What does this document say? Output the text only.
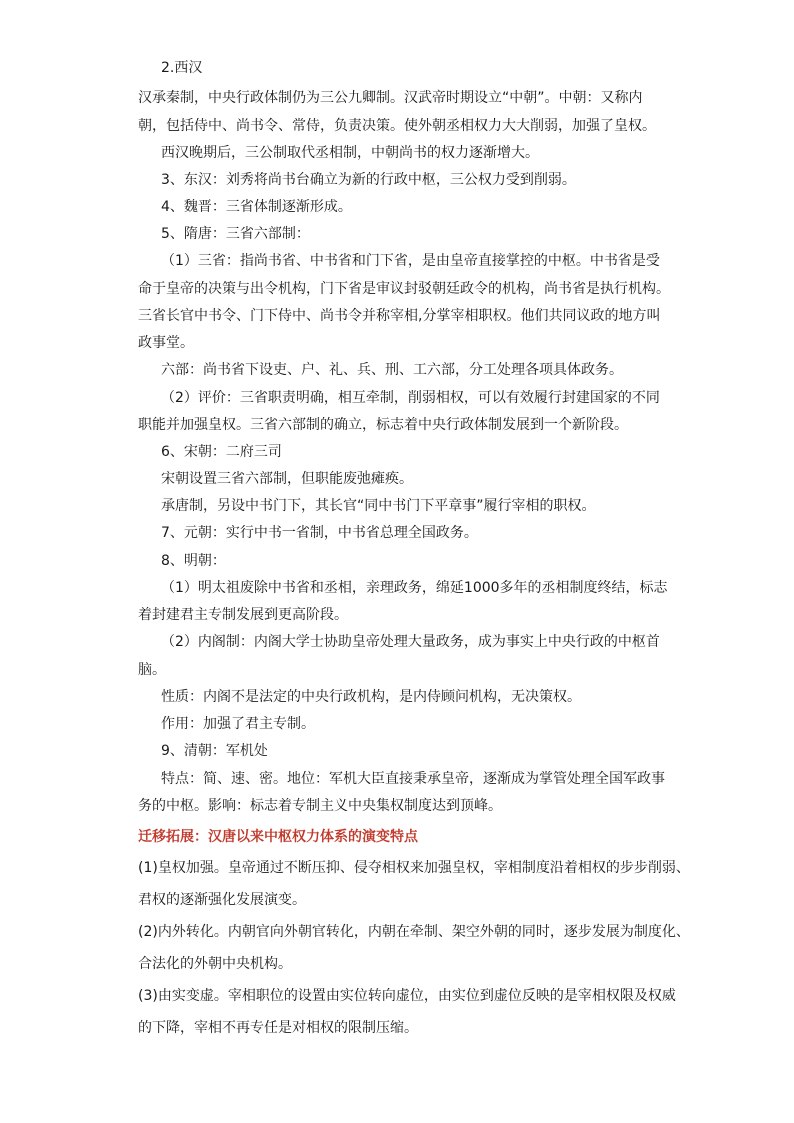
2.西汉
汉承秦制，中央行政体制仍为三公九卿制。汉武帝时期设立“中朝”。中朝：又称内
朝，包括侍中、尚书令、常侍，负责决策。使外朝丞相权力大大削弱，加强了皇权。
西汉晚期后，三公制取代丞相制，中朝尚书的权力逐渐增大。
3、东汉：刘秀将尚书台确立为新的行政中枢，三公权力受到削弱。
4、魏晋：三省体制逐渐形成。
5、隋唐：三省六部制：
（1）三省：指尚书省、中书省和门下省，是由皇帝直接掌控的中枢。中书省是受
命于皇帝的决策与出令机构，门下省是审议封驳朝廷政令的机构，尚书省是执行机构。
三省长官中书令、门下侍中、尚书令并称宰相,分掌宰相职权。他们共同议政的地方叫
政事堂。
六部：尚书省下设吏、户、礼、兵、刑、工六部，分工处理各项具体政务。
（2）评价：三省职责明确，相互牵制，削弱相权，可以有效履行封建国家的不同
职能并加强皇权。三省六部制的确立，标志着中央行政体制发展到一个新阶段。
6、宋朝：二府三司
宋朝设置三省六部制，但职能废弛瘫痪。
承唐制，另设中书门下，其长官“同中书门下平章事”履行宰相的职权。
7、元朝：实行中书一省制，中书省总理全国政务。
8、明朝：
（1）明太祖废除中书省和丞相，亲理政务，绵延1000多年的丞相制度终结，标志
着封建君主专制发展到更高阶段。
（2）内阁制：内阁大学士协助皇帝处理大量政务，成为事实上中央行政的中枢首
脑。
性质：内阁不是法定的中央行政机构，是内侍顾问机构，无决策权。
作用：加强了君主专制。
9、清朝：军机处
特点：简、速、密。地位：军机大臣直接秉承皇帝，逐渐成为掌管处理全国军政事
务的中枢。影响：标志着专制主义中央集权制度达到顶峰。
迁移拓展：汉唐以来中枢权力体系的演变特点
(1)皇权加强。皇帝通过不断压抑、侵夺相权来加强皇权，宰相制度沿着相权的步步削弱、
君权的逐渐强化发展演变。
(2)内外转化。内朝官向外朝官转化，内朝在牵制、架空外朝的同时，逐步发展为制度化、
合法化的外朝中央机构。
(3)由实变虚。宰相职位的设置由实位转向虚位，由实位到虚位反映的是宰相权限及权威
的下降，宰相不再专任是对相权的限制压缩。
